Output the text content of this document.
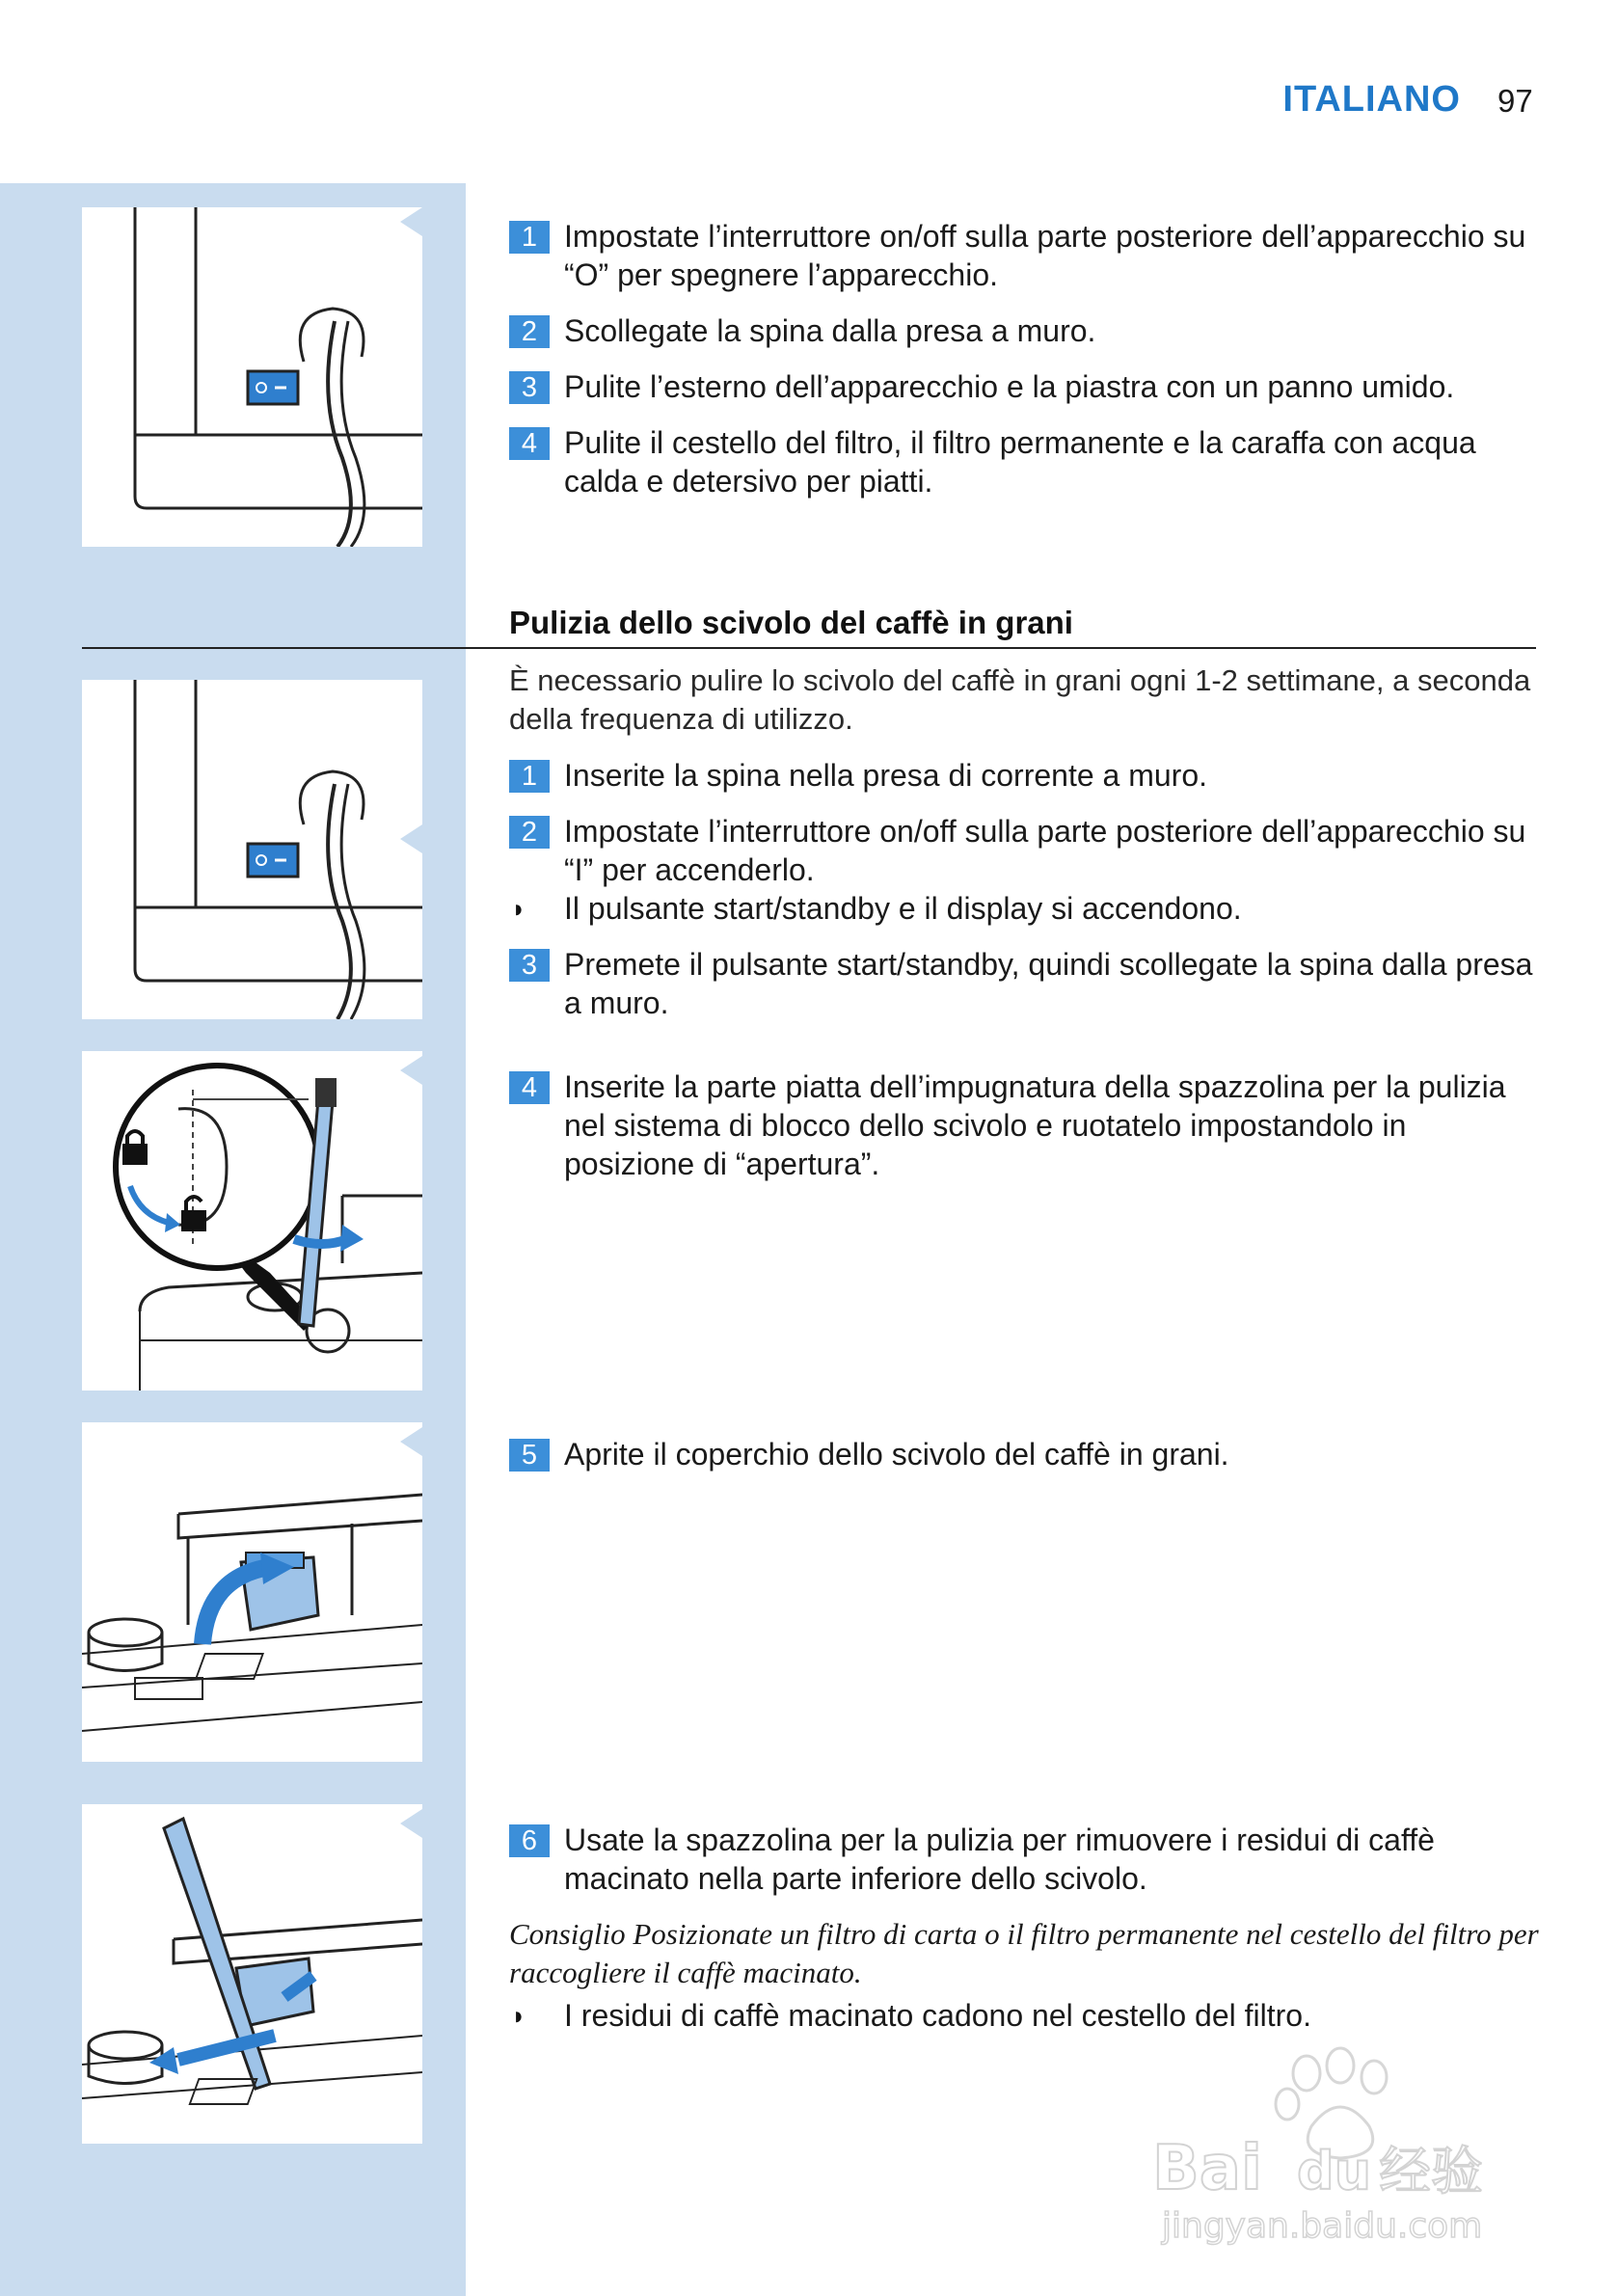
ITALIANO 97
1 Impostate l’interruttore on/off sulla parte posteriore dell’apparecchio su “O” per spegnere l’apparecchio.
2 Scollegate la spina dalla presa a muro.
3 Pulite l’esterno dell’apparecchio e la piastra con un panno umido.
4 Pulite il cestello del filtro, il filtro permanente e la caraffa con acqua calda e detersivo per piatti.
Pulizia dello scivolo del caffè in grani
È necessario pulire lo scivolo del caffè in grani ogni 1-2 settimane, a seconda della frequenza di utilizzo.
1 Inserite la spina nella presa di corrente a muro.
2 Impostate l’interruttore on/off sulla parte posteriore dell’apparecchio su “I” per accenderlo.
◗ Il pulsante start/standby e il display si accendono.
3 Premete il pulsante start/standby, quindi scollegate la spina dalla presa a muro.
4 Inserite la parte piatta dell’impugnatura della spazzolina per la pulizia nel sistema di blocco dello scivolo e ruotatelo impostandolo in posizione di “apertura”.
5 Aprite il coperchio dello scivolo del caffè in grani.
6 Usate la spazzolina per la pulizia per rimuovere i residui di caffè macinato nella parte inferiore dello scivolo.
Consiglio Posizionate un filtro di carta o il filtro permanente nel cestello del filtro per raccogliere il caffè macinato.
◗ I residui di caffè macinato cadono nel cestello del filtro.
Bai du 经验
jingyan.baidu.com
